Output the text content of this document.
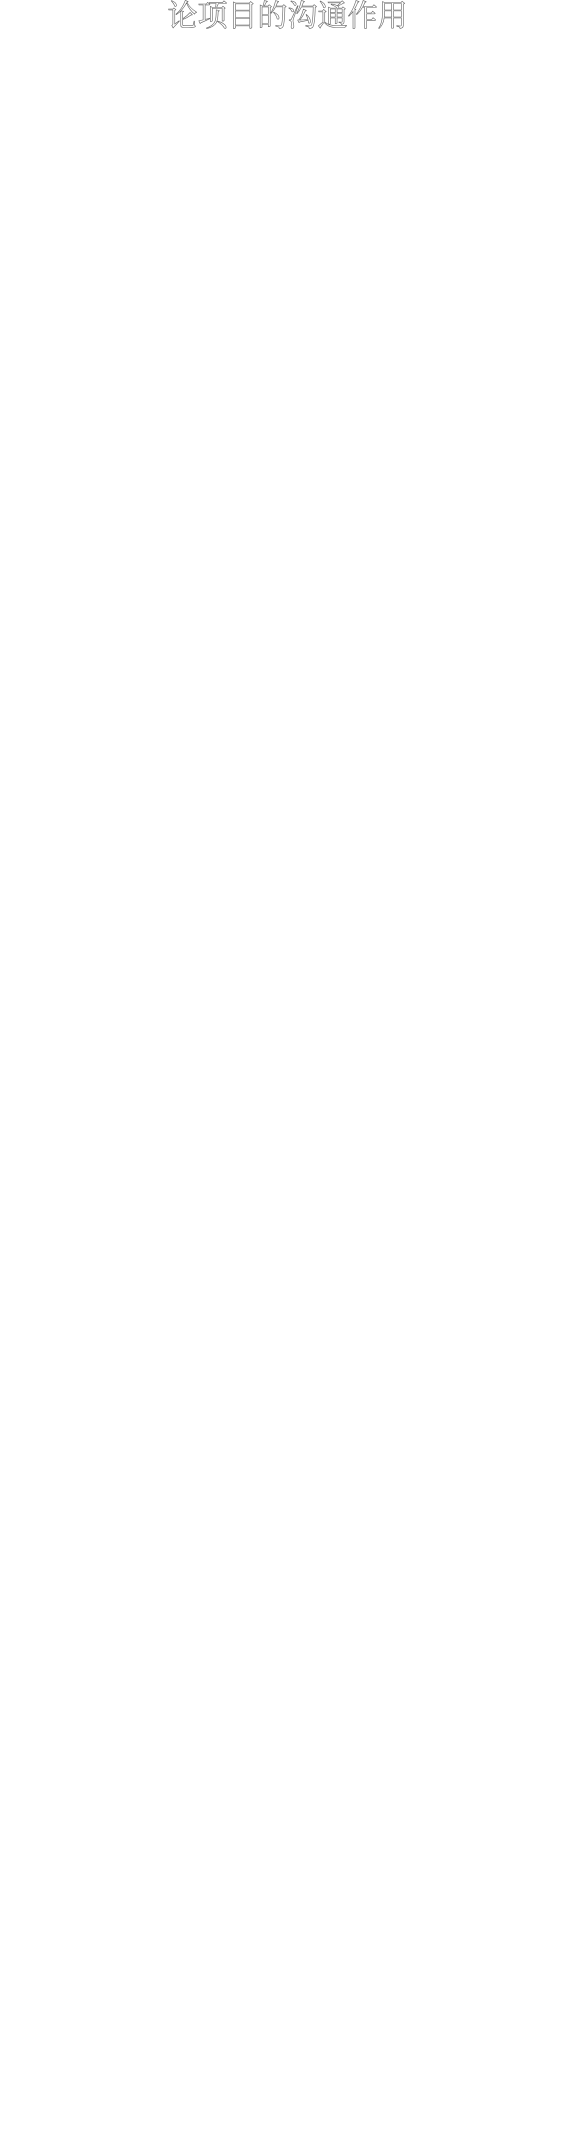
论项目的沟通作用
